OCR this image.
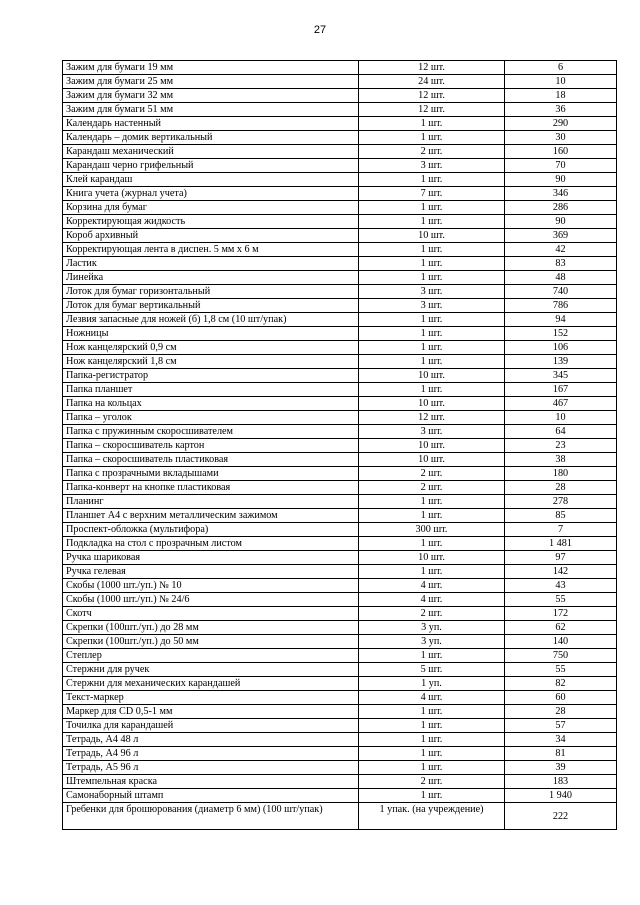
27
Зажим для бумаги 19 мм	12 шт.	6
Зажим для бумаги 25 мм	24 шт.	10
Зажим для бумаги 32 мм	12 шт.	18
Зажим для бумаги 51 мм	12 шт.	36
Календарь настенный	1 шт.	290
Календарь – домик вертикальный	1 шт.	30
Карандаш механический	2 шт.	160
Карандаш черно грифельный	3 шт.	70
Клей карандаш	1 шт.	90
Книга учета (журнал учета)	7 шт.	346
Корзина для бумаг	1 шт.	286
Корректирующая жидкость	1 шт.	90
Короб архивный	10 шт.	369
Корректирующая лента в диспен. 5 мм х 6 м	1 шт.	42
Ластик	1 шт.	83
Линейка	1 шт.	48
Лоток для бумаг горизонтальный	3 шт.	740
Лоток для бумаг вертикальный	3 шт.	786
Лезвия запасные для ножей (б) 1,8 см (10 шт/упак)	1 шт.	94
Ножницы	1 шт.	152
Нож канцелярский 0,9 см	1 шт.	106
Нож канцелярский 1,8 см	1 шт.	139
Папка-регистратор	10 шт.	345
Папка планшет	1 шт.	167
Папка на кольцах	10 шт.	467
Папка – уголок	12 шт.	10
Папка с пружинным скоросшивателем	3 шт.	64
Папка – скоросшиватель картон	10 шт.	23
Папка – скоросшиватель пластиковая	10 шт.	38
Папка с прозрачными вкладышами	2 шт.	180
Папка-конверт на кнопке пластиковая	2 шт.	28
Планинг	1 шт.	278
Планшет А4 с верхним металлическим зажимом	1 шт.	85
Проспект-обложка (мультифора)	300 шт.	7
Подкладка на стол с прозрачным листом	1 шт.	1 481
Ручка шариковая	10 шт.	97
Ручка гелевая	1 шт.	142
Скобы (1000 шт./уп.) № 10	4 шт.	43
Скобы (1000 шт./уп.) № 24/6	4 шт.	55
Скотч	2 шт.	172
Скрепки (100шт./уп.) до 28 мм	3 уп.	62
Скрепки (100шт./уп.) до 50 мм	3 уп.	140
Степлер	1 шт.	750
Стержни для ручек	5 шт.	55
Стержни для механических карандашей	1 уп.	82
Текст-маркер	4 шт.	60
Маркер для CD 0,5-1 мм	1 шт.	28
Точилка для карандашей	1 шт.	57
Тетрадь, А4 48 л	1 шт.	34
Тетрадь, А4 96 л	1 шт.	81
Тетрадь, А5 96 л	1 шт.	39
Штемпельная краска	2 шт.	183
Самонаборный штамп	1 шт.	1 940
Гребенки для брошюрования (диаметр 6 мм) (100 шт/упак)	1 упак. (на учреждение)	222
